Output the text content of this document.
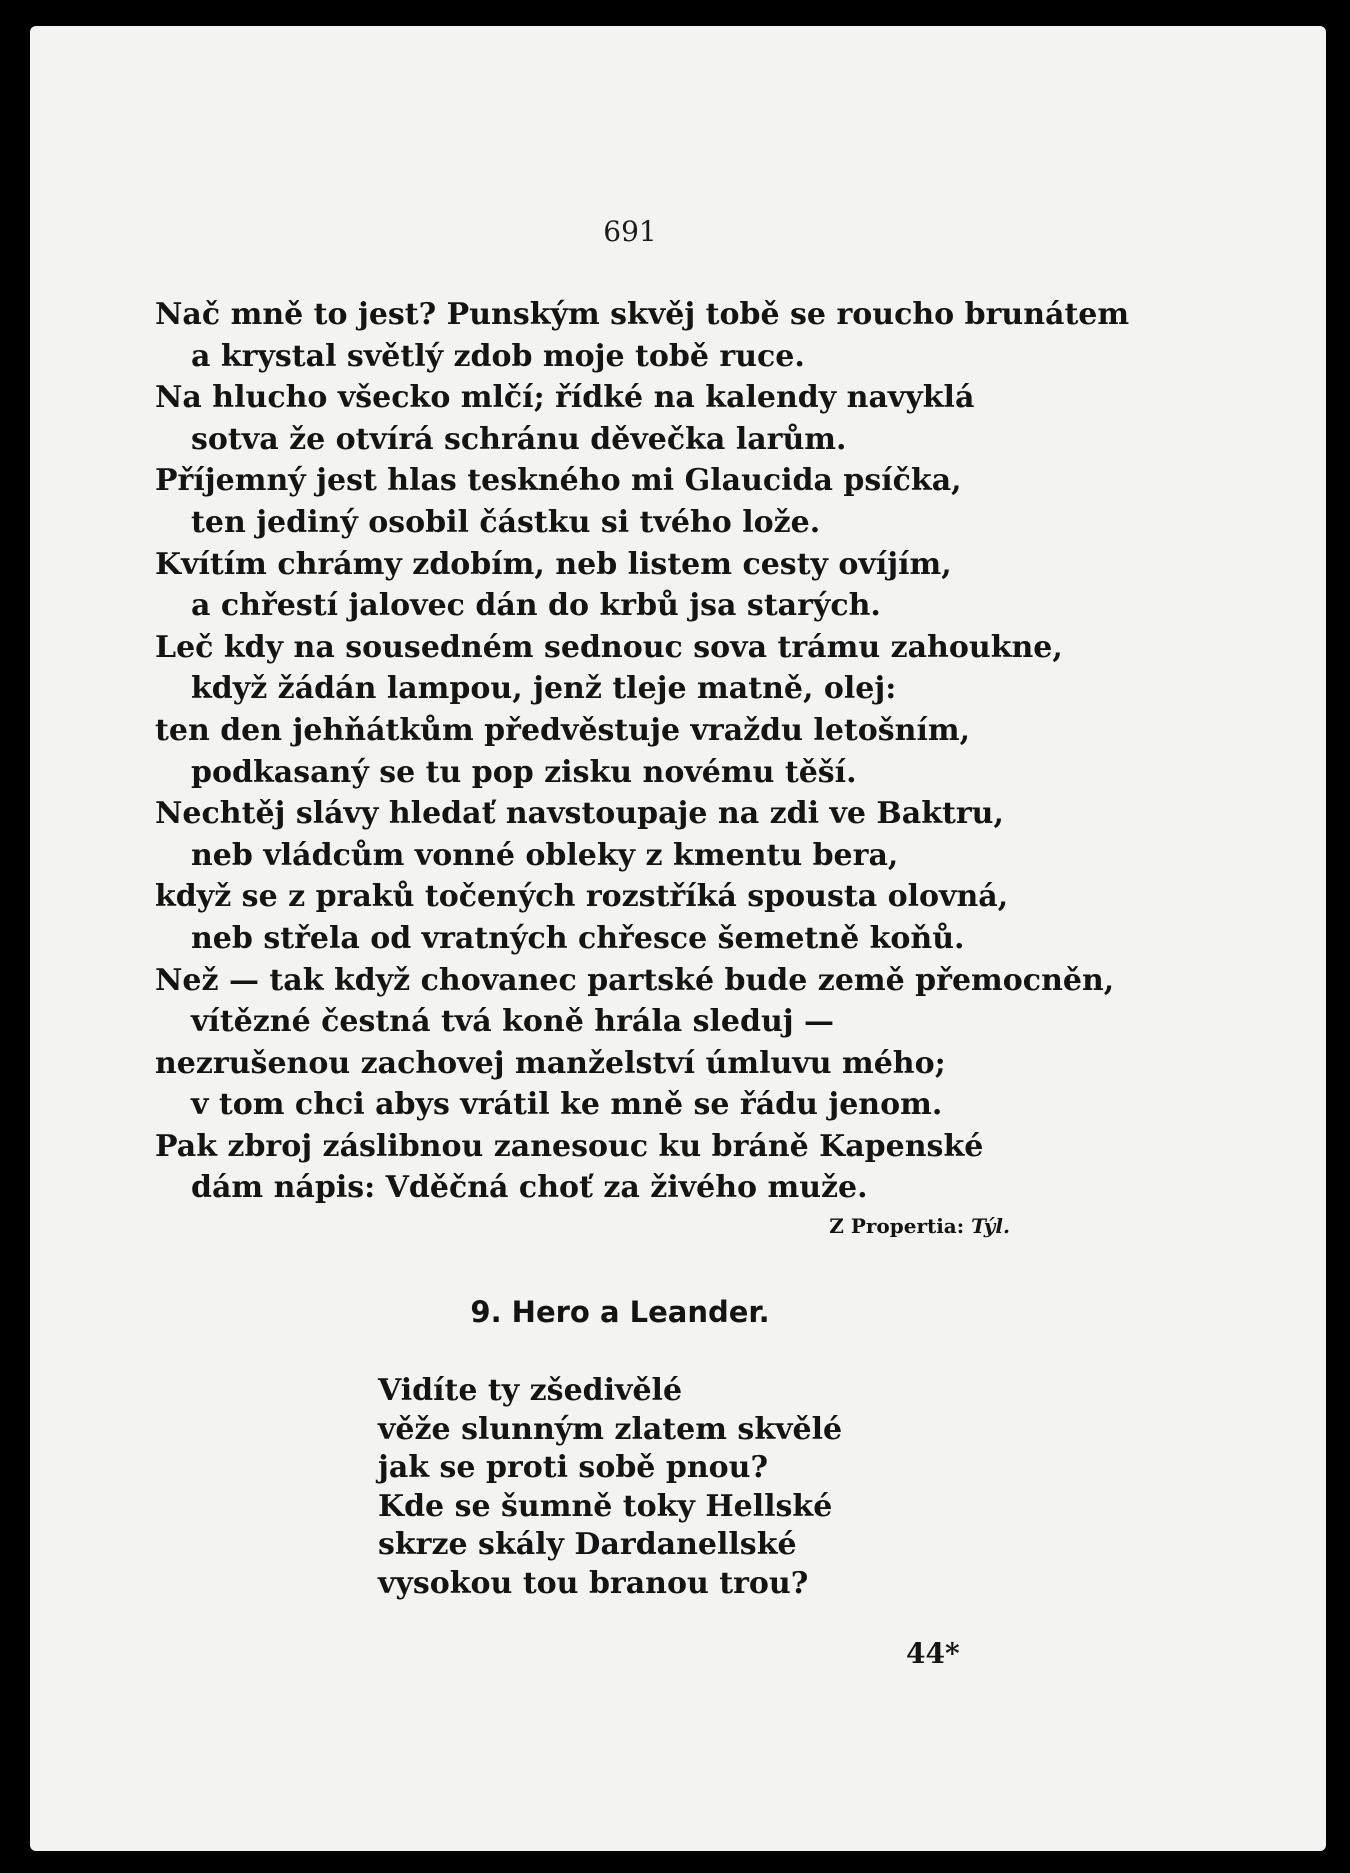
691
Nač mně to jest? Punským skvěj tobě se roucho brunátem
a krystal světlý zdob moje tobě ruce.
Na hlucho všecko mlčí; řídké na kalendy navyklá
sotva že otvírá schránu děvečka larům.
Příjemný jest hlas teskného mi Glaucida psíčka,
ten jediný osobil částku si tvého lože.
Kvítím chrámy zdobím, neb listem cesty ovíjím,
a chřestí jalovec dán do krbů jsa starých.
Leč kdy na sousedném sednouc sova trámu zahoukne,
když žádán lampou, jenž tleje matně, olej:
ten den jehňátkům předvěstuje vraždu letošním,
podkasaný se tu pop zisku novému těší.
Nechtěj slávy hledať navstoupaje na zdi ve Baktru,
neb vládcům vonné obleky z kmentu bera,
když se z praků točených rozstříká spousta olovná,
neb střela od vratných chřesce šemetně koňů.
Než — tak když chovanec partské bude země přemocněn,
vítězné čestná tvá koně hrála sleduj —
nezrušenou zachovej manželství úmluvu mého;
v tom chci abys vrátil ke mně se řádu jenom.
Pak zbroj záslibnou zanesouc ku bráně Kapenské
dám nápis: Vděčná choť za živého muže.
Z Propertia: Týl.
9. Hero a Leander.
Vidíte ty zšedivělé
věže slunným zlatem skvělé
jak se proti sobě pnou?
Kde se šumně toky Hellské
skrze skály Dardanellské
vysokou tou branou trou?
44*
